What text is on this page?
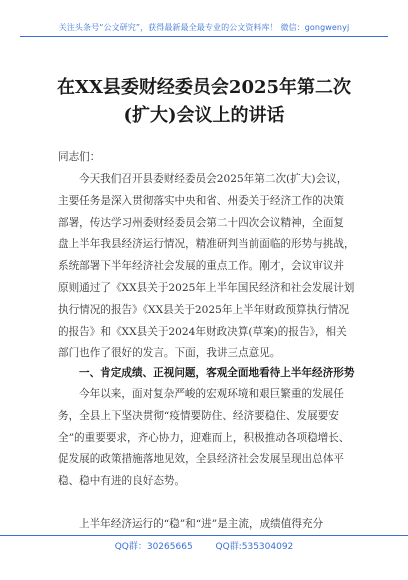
关注头条号“公文研究”，获得最新最全最专业的公文资料库！ 微信：gongwenyj
在XX县委财经委员会2025年第二次
(扩大)会议上的讲话
同志们：
今天我们召开县委财经委员会2025年第二次(扩大)会议，
主要任务是深入贯彻落实中央和省、州委关于经济工作的决策
部署，传达学习州委财经委员会第二十四次会议精神，全面复
盘上半年我县经济运行情况，精准研判当前面临的形势与挑战，
系统部署下半年经济社会发展的重点工作。刚才，会议审议并
原则通过了《XX县关于2025年上半年国民经济和社会发展计划
执行情况的报告》《XX县关于2025年上半年财政预算执行情况
的报告》和《XX县关于2024年财政决算(草案)的报告》，相关
部门也作了很好的发言。下面，我讲三点意见。
一、肯定成绩、正视问题，客观全面地看待上半年经济形势
今年以来，面对复杂严峻的宏观环境和艰巨繁重的发展任
务，全县上下坚决贯彻“疫情要防住、经济要稳住、发展要安
全”的重要要求，齐心协力，迎难而上，积极推动各项稳增长、
促发展的政策措施落地见效，全县经济社会发展呈现出总体平
稳、稳中有进的良好态势。
上半年经济运行的“稳”和“进”是主流，成绩值得充分
QQ群：30265665	QQ群:535304092
